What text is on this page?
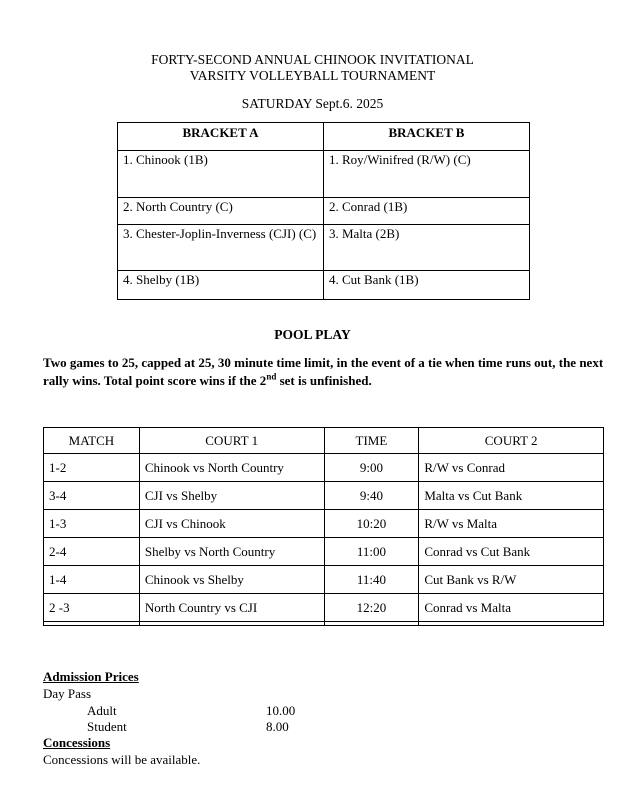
FORTY-SECOND ANNUAL CHINOOK INVITATIONAL
VARSITY VOLLEYBALL TOURNAMENT
SATURDAY Sept.6. 2025
BRACKET A	BRACKET B
1. Chinook (1B)	1. Roy/Winifred (R/W) (C)
2. North Country (C)	2. Conrad (1B)
3. Chester-Joplin-Inverness (CJI) (C)	3. Malta (2B)
4. Shelby (1B)	4. Cut Bank (1B)
POOL PLAY
Two games to 25, capped at 25, 30 minute time limit, in the event of a tie when time runs out, the next rally wins. Total point score wins if the 2nd set is unfinished.
MATCH	COURT 1	TIME	COURT 2
1-2	Chinook vs North Country	9:00	R/W vs Conrad
3-4	CJI vs Shelby	9:40	Malta vs Cut Bank
1-3	CJI vs Chinook	10:20	R/W vs Malta
2-4	Shelby vs North Country	11:00	Conrad vs Cut Bank
1-4	Chinook vs Shelby	11:40	Cut Bank vs R/W
2 -3	North Country vs CJI	12:20	Conrad vs Malta

Admission Prices
Day Pass
Adult	10.00
Student	8.00
Concessions
Concessions will be available.
